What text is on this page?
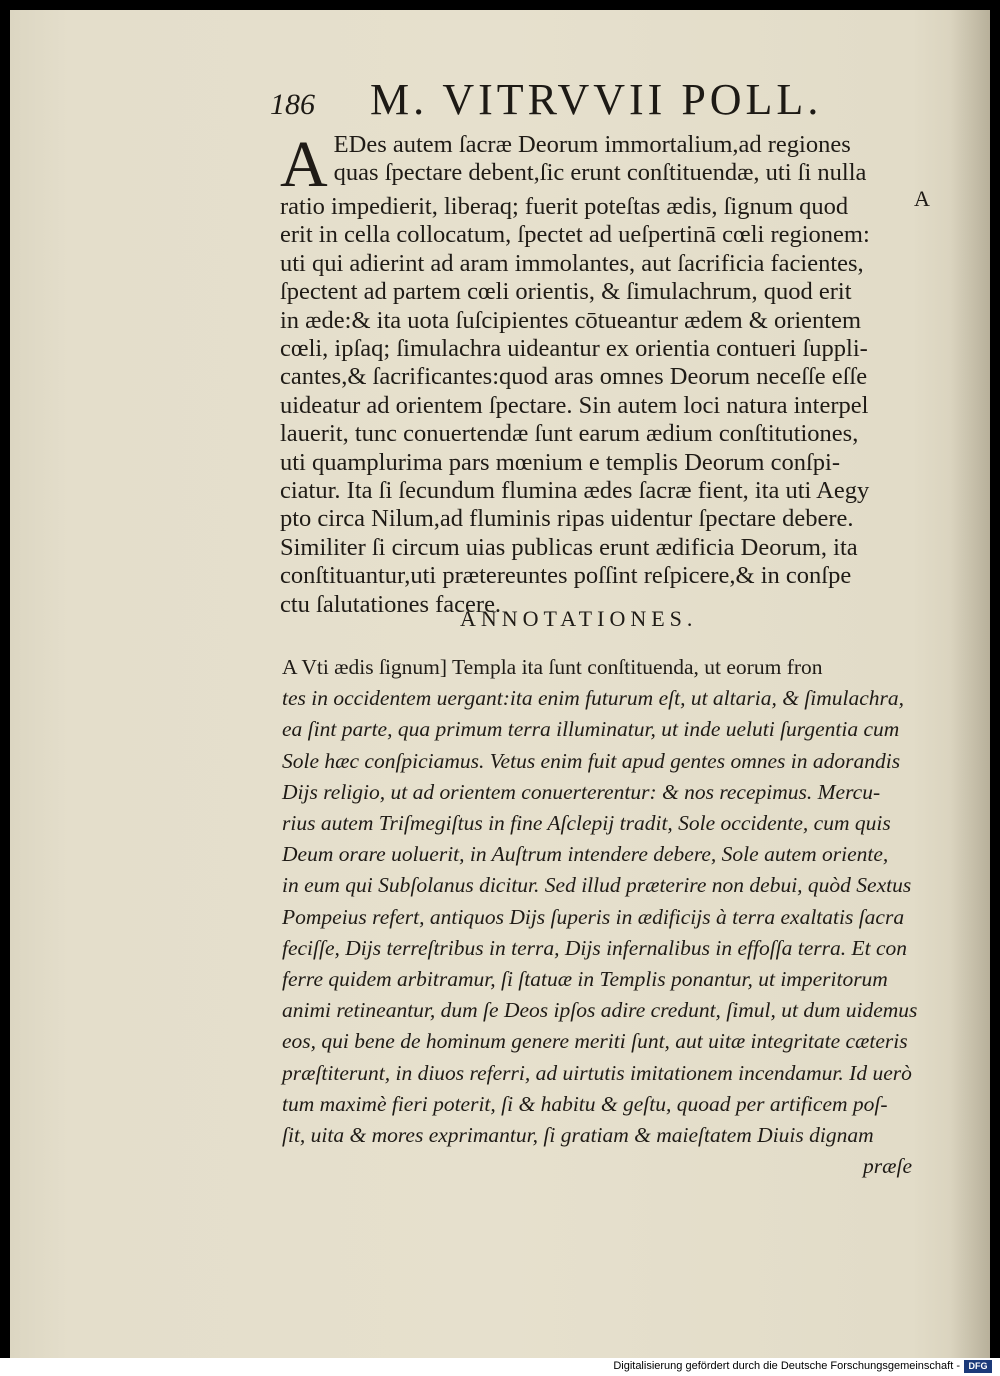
186 M. VITRVVII POLL.
A EDes autem ſacræ Deorum immortalium,ad regiones
quas ſpectare debent,ſic erunt conſtituendæ, uti ſi nulla
ratio impedierit, liberaq; fuerit poteſtas ædis, ſignum quod
erit in cella collocatum, ſpectet ad ueſpertinā cœli regionem:
uti qui adierint ad aram immolantes, aut ſacrificia facientes,
ſpectent ad partem cœli orientis, & ſimulachrum, quod erit
in æde:& ita uota ſuſcipientes cōtueantur ædem & orientem
cœli, ipſaq; ſimulachra uideantur ex orientia contueri ſuppli-
cantes,& ſacrificantes:quod aras omnes Deorum neceſſe eſſe
uideatur ad orientem ſpectare. Sin autem loci natura interpel
lauerit, tunc conuertendæ ſunt earum ædium conſtitutiones,
uti quamplurima pars mœnium e templis Deorum conſpi-
ciatur. Ita ſi ſecundum flumina ædes ſacræ fient, ita uti Aegy
pto circa Nilum,ad fluminis ripas uidentur ſpectare debere.
Similiter ſi circum uias publicas erunt ædificia Deorum, ita
conſtituantur,uti prætereuntes poſſint reſpicere,& in conſpe
ctu ſalutationes facere.
A
ANNOTATIONES.
A Vti ædis ſignum] Templa ita ſunt conſtituenda, ut eorum fron
tes in occidentem uergant:ita enim futurum eſt, ut altaria, & ſimulachra,
ea ſint parte, qua primum terra illuminatur, ut inde ueluti ſurgentia cum
Sole hæc conſpiciamus. Vetus enim fuit apud gentes omnes in adorandis
Dijs religio, ut ad orientem conuerterentur: & nos recepimus. Mercu-
rius autem Triſmegiſtus in fine Aſclepij tradit, Sole occidente, cum quis
Deum orare uoluerit, in Auſtrum intendere debere, Sole autem oriente,
in eum qui Subſolanus dicitur. Sed illud præterire non debui, quòd Sextus
Pompeius refert, antiquos Dijs ſuperis in ædificijs à terra exaltatis ſacra
feciſſe, Dijs terreſtribus in terra, Dijs infernalibus in effoſſa terra. Et con
ferre quidem arbitramur, ſi ſtatuæ in Templis ponantur, ut imperitorum
animi retineantur, dum ſe Deos ipſos adire credunt, ſimul, ut dum uidemus
eos, qui bene de hominum genere meriti ſunt, aut uitæ integritate cæteris
præſtiterunt, in diuos referri, ad uirtutis imitationem incendamur. Id uerò
tum maximè fieri poterit, ſi & habitu & geſtu, quoad per artificem poſ-
ſit, uita & mores exprimantur, ſi gratiam & maieſtatem Diuis dignam
præſe
Digitalisierung gefördert durch die Deutsche Forschungsgemeinschaft - DFG
